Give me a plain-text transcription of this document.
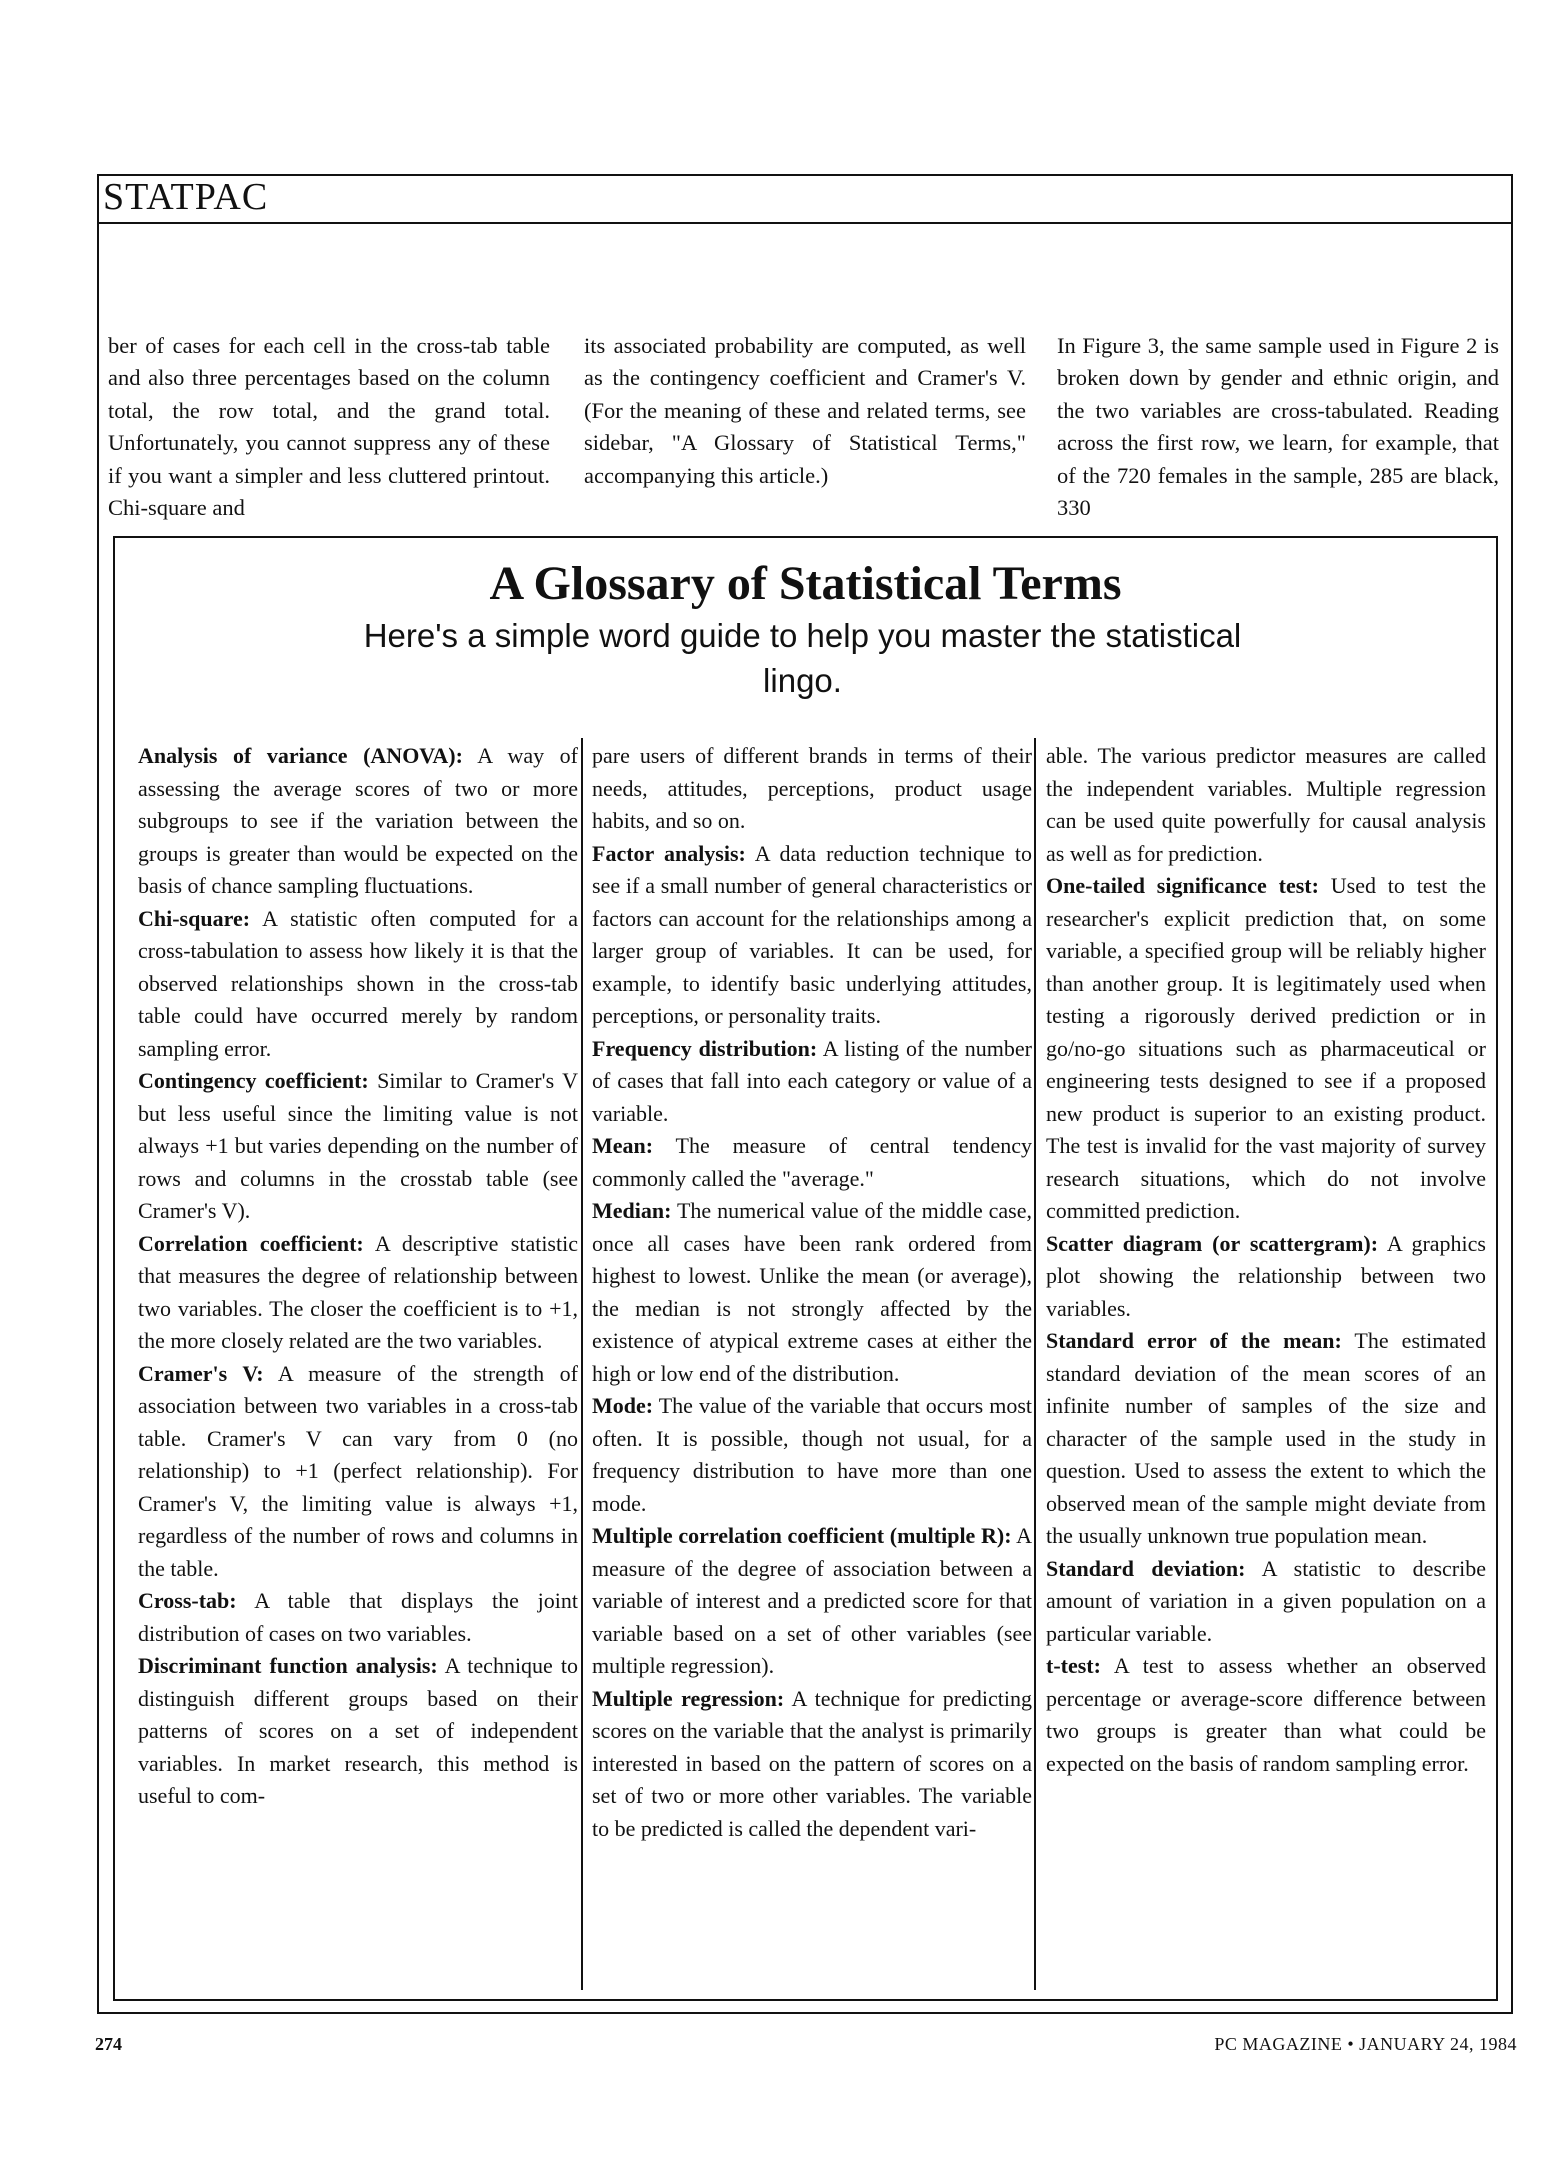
STATPAC
ber of cases for each cell in the cross-tab table and also three percentages based on the column total, the row total, and the grand total. Unfortunately, you cannot suppress any of these if you want a simpler and less cluttered printout. Chi-square and
its associated probability are computed, as well as the contingency coefficient and Cramer's V. (For the meaning of these and related terms, see sidebar, "A Glossary of Statistical Terms," accompanying this article.)
In Figure 3, the same sample used in Figure 2 is broken down by gender and ethnic origin, and the two variables are cross-tabulated. Reading across the first row, we learn, for example, that of the 720 females in the sample, 285 are black, 330
A Glossary of Statistical Terms
Here's a simple word guide to help you master the statistical lingo.

Analysis of variance (ANOVA): A way of assessing the average scores of two or more subgroups to see if the variation between the groups is greater than would be expected on the basis of chance sampling fluctuations.

Chi-square: A statistic often computed for a cross-tabulation to assess how likely it is that the observed relationships shown in the cross-tab table could have occurred merely by random sampling error.

Contingency coefficient: Similar to Cramer's V but less useful since the limiting value is not always +1 but varies depending on the number of rows and columns in the crosstab table (see Cramer's V).

Correlation coefficient: A descriptive statistic that measures the degree of relationship between two variables. The closer the coefficient is to +1, the more closely related are the two variables.

Cramer's V: A measure of the strength of association between two variables in a cross-tab table. Cramer's V can vary from 0 (no relationship) to +1 (perfect relationship). For Cramer's V, the limiting value is always +1, regardless of the number of rows and columns in the table.

Cross-tab: A table that displays the joint distribution of cases on two variables.

Discriminant function analysis: A technique to distinguish different groups based on their patterns of scores on a set of independent variables. In market research, this method is useful to com-

pare users of different brands in terms of their needs, attitudes, perceptions, product usage habits, and so on.

Factor analysis: A data reduction technique to see if a small number of general characteristics or factors can account for the relationships among a larger group of variables. It can be used, for example, to identify basic underlying attitudes, perceptions, or personality traits.

Frequency distribution: A listing of the number of cases that fall into each category or value of a variable.

Mean: The measure of central tendency commonly called the "average."

Median: The numerical value of the middle case, once all cases have been rank ordered from highest to lowest. Unlike the mean (or average), the median is not strongly affected by the existence of atypical extreme cases at either the high or low end of the distribution.

Mode: The value of the variable that occurs most often. It is possible, though not usual, for a frequency distribution to have more than one mode.

Multiple correlation coefficient (multiple R): A measure of the degree of association between a variable of interest and a predicted score for that variable based on a set of other variables (see multiple regression).

Multiple regression: A technique for predicting scores on the variable that the analyst is primarily interested in based on the pattern of scores on a set of two or more other variables. The variable to be predicted is called the dependent vari-

able. The various predictor measures are called the independent variables. Multiple regression can be used quite powerfully for causal analysis as well as for prediction.

One-tailed significance test: Used to test the researcher's explicit prediction that, on some variable, a specified group will be reliably higher than another group. It is legitimately used when testing a rigorously derived prediction or in go/no-go situations such as pharmaceutical or engineering tests designed to see if a proposed new product is superior to an existing product. The test is invalid for the vast majority of survey research situations, which do not involve committed prediction.

Scatter diagram (or scattergram): A graphics plot showing the relationship between two variables.

Standard error of the mean: The estimated standard deviation of the mean scores of an infinite number of samples of the size and character of the sample used in the study in question. Used to assess the extent to which the observed mean of the sample might deviate from the usually unknown true population mean.

Standard deviation: A statistic to describe amount of variation in a given population on a particular variable.

t-test: A test to assess whether an observed percentage or average-score difference between two groups is greater than what could be expected on the basis of random sampling error.

274	PC MAGAZINE • JANUARY 24, 1984
